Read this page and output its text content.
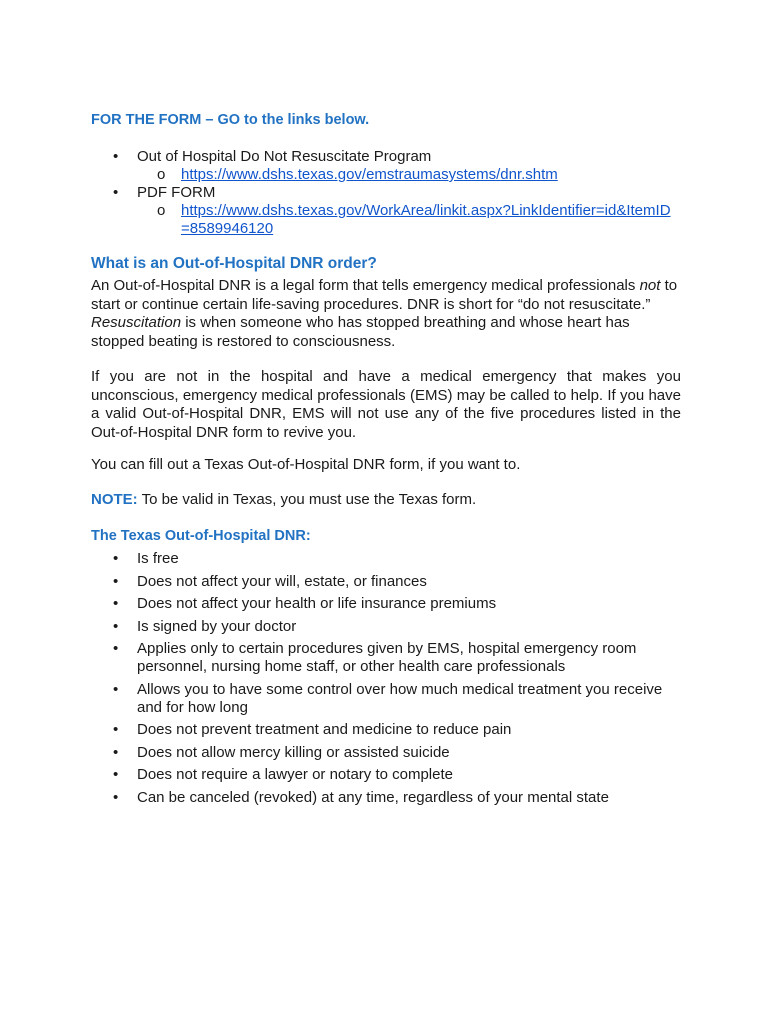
FOR THE FORM – GO to the links below.
• Out of Hospital Do Not Resuscitate Program
o https://www.dshs.texas.gov/emstraumasystems/dnr.shtm
• PDF FORM
o https://www.dshs.texas.gov/WorkArea/linkit.aspx?LinkIdentifier=id&ItemID
=8589946120
What is an Out-of-Hospital DNR order?
An Out-of-Hospital DNR is a legal form that tells emergency medical professionals not to start or continue certain life-saving procedures. DNR is short for “do not resuscitate.” Resuscitation is when someone who has stopped breathing and whose heart has stopped beating is restored to consciousness.
If you are not in the hospital and have a medical emergency that makes you unconscious, emergency medical professionals (EMS) may be called to help. If you have a valid Out-of-Hospital DNR, EMS will not use any of the five procedures listed in the Out-of-Hospital DNR form to revive you.
You can fill out a Texas Out-of-Hospital DNR form, if you want to.
NOTE: To be valid in Texas, you must use the Texas form.
The Texas Out-of-Hospital DNR:
• Is free
• Does not affect your will, estate, or finances
• Does not affect your health or life insurance premiums
• Is signed by your doctor
• Applies only to certain procedures given by EMS, hospital emergency room personnel, nursing home staff, or other health care professionals
• Allows you to have some control over how much medical treatment you receive and for how long
• Does not prevent treatment and medicine to reduce pain
• Does not allow mercy killing or assisted suicide
• Does not require a lawyer or notary to complete
• Can be canceled (revoked) at any time, regardless of your mental state
